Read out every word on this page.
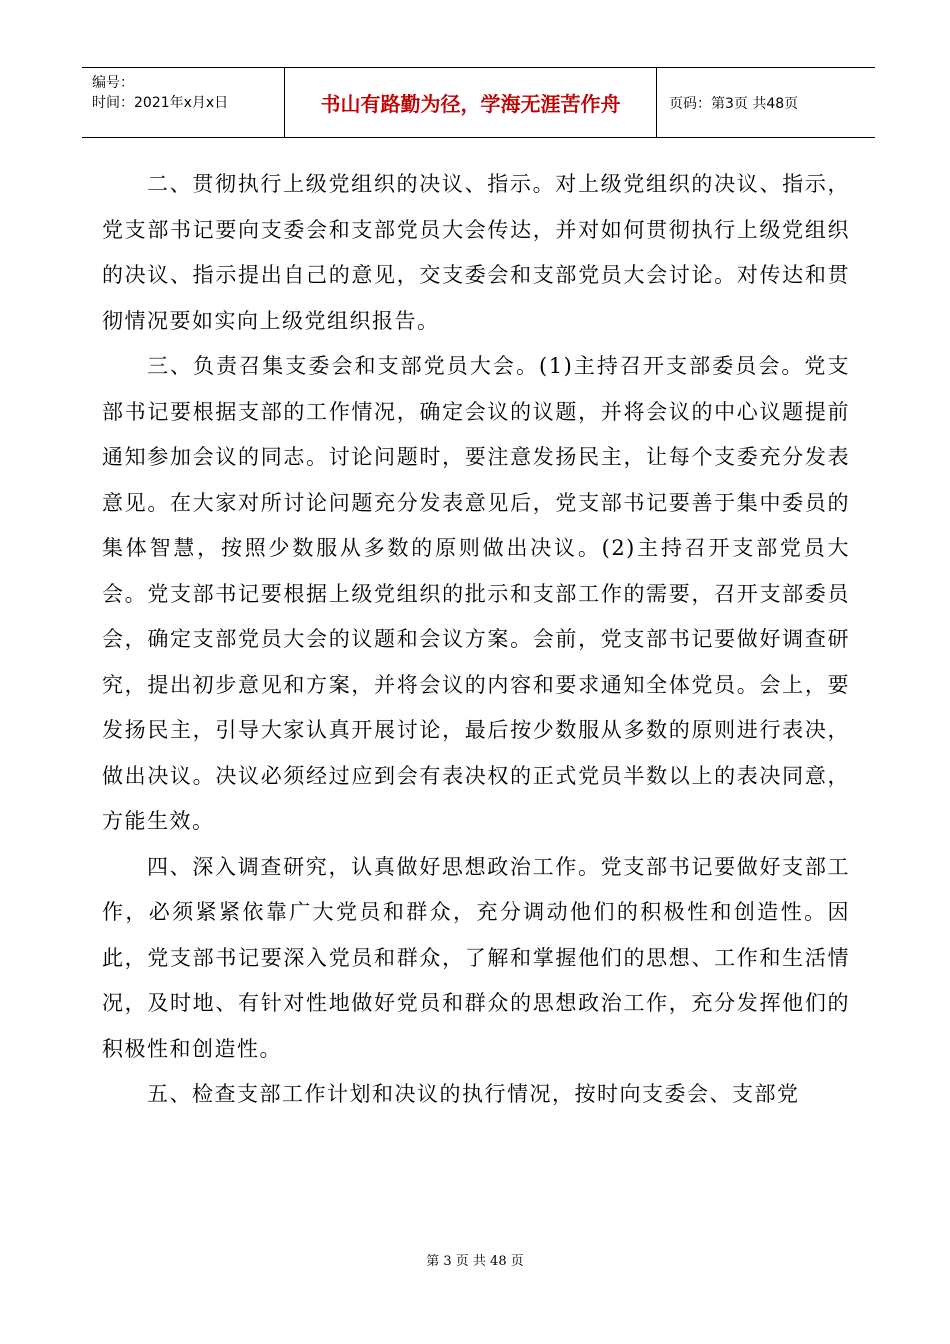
编号：
时间：2021年x月x日	书山有路勤为径，学海无涯苦作舟	页码：第3页 共48页

二、贯彻执行上级党组织的决议、指示。对上级党组织的决议、指示，党支部书记要向支委会和支部党员大会传达，并对如何贯彻执行上级党组织的决议、指示提出自己的意见，交支委会和支部党员大会讨论。对传达和贯彻情况要如实向上级党组织报告。

三、负责召集支委会和支部党员大会。(1)主持召开支部委员会。党支部书记要根据支部的工作情况，确定会议的议题，并将会议的中心议题提前通知参加会议的同志。讨论问题时，要注意发扬民主，让每个支委充分发表意见。在大家对所讨论问题充分发表意见后，党支部书记要善于集中委员的集体智慧，按照少数服从多数的原则做出决议。(2)主持召开支部党员大会。党支部书记要根据上级党组织的批示和支部工作的需要，召开支部委员会，确定支部党员大会的议题和会议方案。会前，党支部书记要做好调查研究，提出初步意见和方案，并将会议的内容和要求通知全体党员。会上，要发扬民主，引导大家认真开展讨论，最后按少数服从多数的原则进行表决，做出决议。决议必须经过应到会有表决权的正式党员半数以上的表决同意，方能生效。

四、深入调查研究，认真做好思想政治工作。党支部书记要做好支部工作，必须紧紧依靠广大党员和群众，充分调动他们的积极性和创造性。因此，党支部书记要深入党员和群众，了解和掌握他们的思想、工作和生活情况，及时地、有针对性地做好党员和群众的思想政治工作，充分发挥他们的积极性和创造性。

五、检查支部工作计划和决议的执行情况，按时向支委会、支部党

第 3 页 共 48 页
